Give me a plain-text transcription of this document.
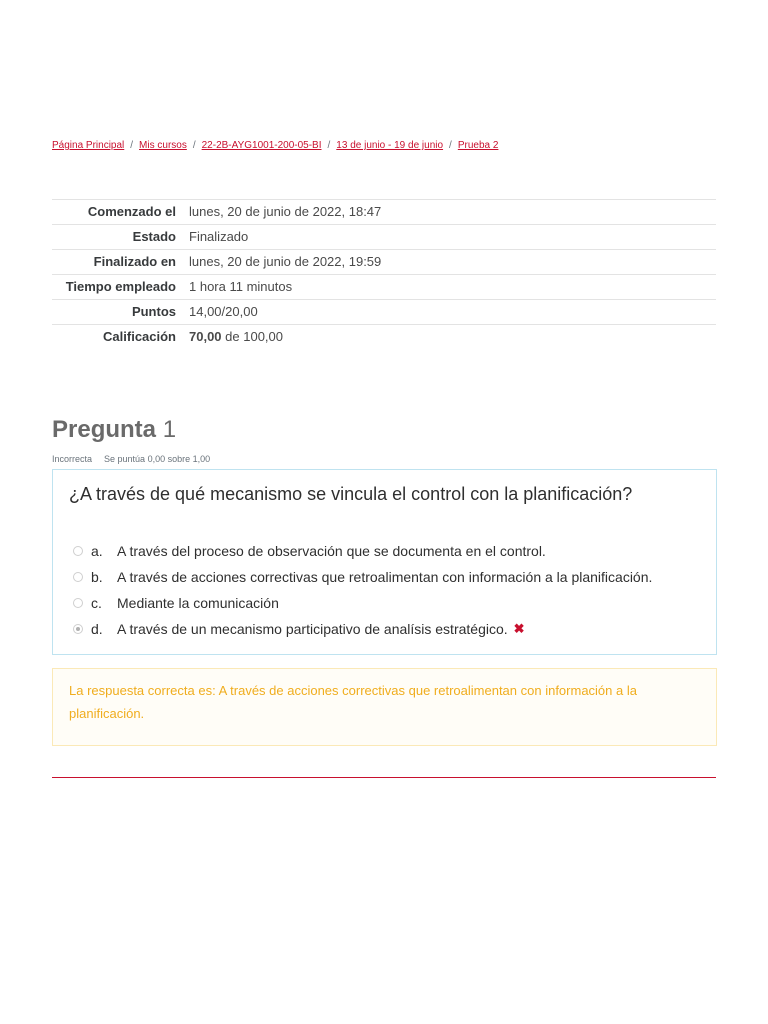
Página Principal / Mis cursos / 22-2B-AYG1001-200-05-BI / 13 de junio - 19 de junio / Prueba 2
Comenzado el	lunes, 20 de junio de 2022, 18:47
Estado	Finalizado
Finalizado en	lunes, 20 de junio de 2022, 19:59
Tiempo empleado	1 hora 11 minutos
Puntos	14,00/20,00
Calificación	70,00 de 100,00
Pregunta 1
Incorrecta Se puntúa 0,00 sobre 1,00
¿A través de qué mecanismo se vincula el control con la planificación?
a.	A través del proceso de observación que se documenta en el control.
b.	A través de acciones correctivas que retroalimentan con información a la planificación.
c.	Mediante la comunicación
d.	A través de un mecanismo participativo de analísis estratégico. ✖
La respuesta correcta es: A través de acciones correctivas que retroalimentan con información a la planificación.
